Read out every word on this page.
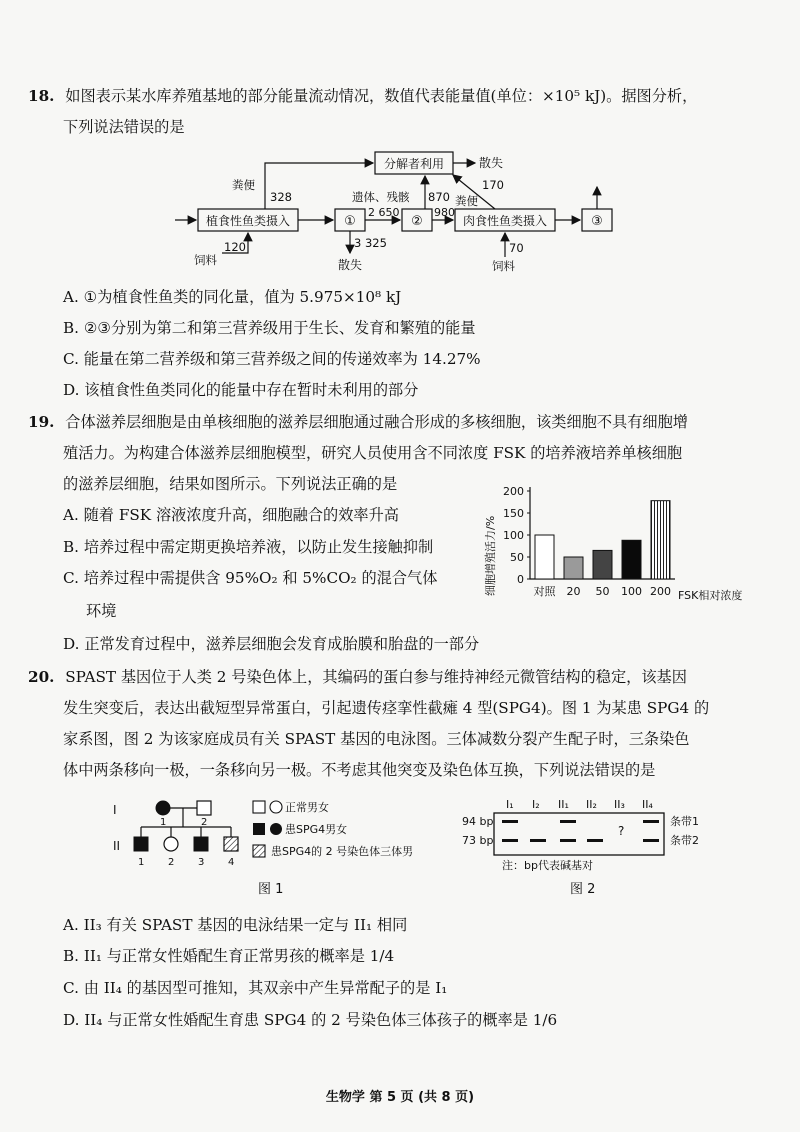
18. 如图表示某水库养殖基地的部分能量流动情况，数值代表能量值(单位：×10⁵ kJ)。据图分析，
下列说法错误的是
分解者利用
植食性鱼类摄入	①	②	肉食性鱼类摄入	③
粪便
328	遗体、残骸 870
170
粪便
散失
2 650	980
饲料
120	3 325
散失
70
饲料
A. ①为植食性鱼类的同化量，值为 5.975×10⁸ kJ
B. ②③分别为第二和第三营养级用于生长、发育和繁殖的能量
C. 能量在第二营养级和第三营养级之间的传递效率为 14.27%
D. 该植食性鱼类同化的能量中存在暂时未利用的部分
19. 合体滋养层细胞是由单核细胞的滋养层细胞通过融合形成的多核细胞，该类细胞不具有细胞增
殖活力。为构建合体滋养层细胞模型，研究人员使用含不同浓度 FSK 的培养液培养单核细胞
的滋养层细胞，结果如图所示。下列说法正确的是
A. 随着 FSK 溶液浓度升高，细胞融合的效率升高
B. 培养过程中需定期更换培养液，以防止发生接触抑制
C. 培养过程中需提供含 95%O₂ 和 5%CO₂ 的混合气体
环境
D. 正常发育过程中，滋养层细胞会发育成胎膜和胎盘的一部分
细胞增殖活力/% 0
50
100
150
200
对照 20 50 100 200 FSK相对浓度
20. SPAST 基因位于人类 2 号染色体上，其编码的蛋白参与维持神经元微管结构的稳定，该基因
发生突变后，表达出截短型异常蛋白，引起遗传痉挛性截瘫 4 型(SPG4)。图 1 为某患 SPG4 的
家系图，图 2 为该家庭成员有关 SPAST 基因的电泳图。三体减数分裂产生配子时，三条染色
体中两条移向一极，一条移向另一极。不考虑其他突变及染色体互换，下列说法错误的是
I
II
1	2
1 2 3 4
正常男女
患SPG4男女
患SPG4的 2 号染色体三体男
图 1
I₁ I₂ II₁ II₂ II₃ II₄
94 bp
73 bp
?
条带1
条带2
注：bp代表碱基对
图 2
A. II₃ 有关 SPAST 基因的电泳结果一定与 II₁ 相同
B. II₁ 与正常女性婚配生育正常男孩的概率是 1/4
C. 由 II₄ 的基因型可推知，其双亲中产生异常配子的是 I₁
D. II₄ 与正常女性婚配生育患 SPG4 的 2 号染色体三体孩子的概率是 1/6
生物学 第 5 页 (共 8 页)
